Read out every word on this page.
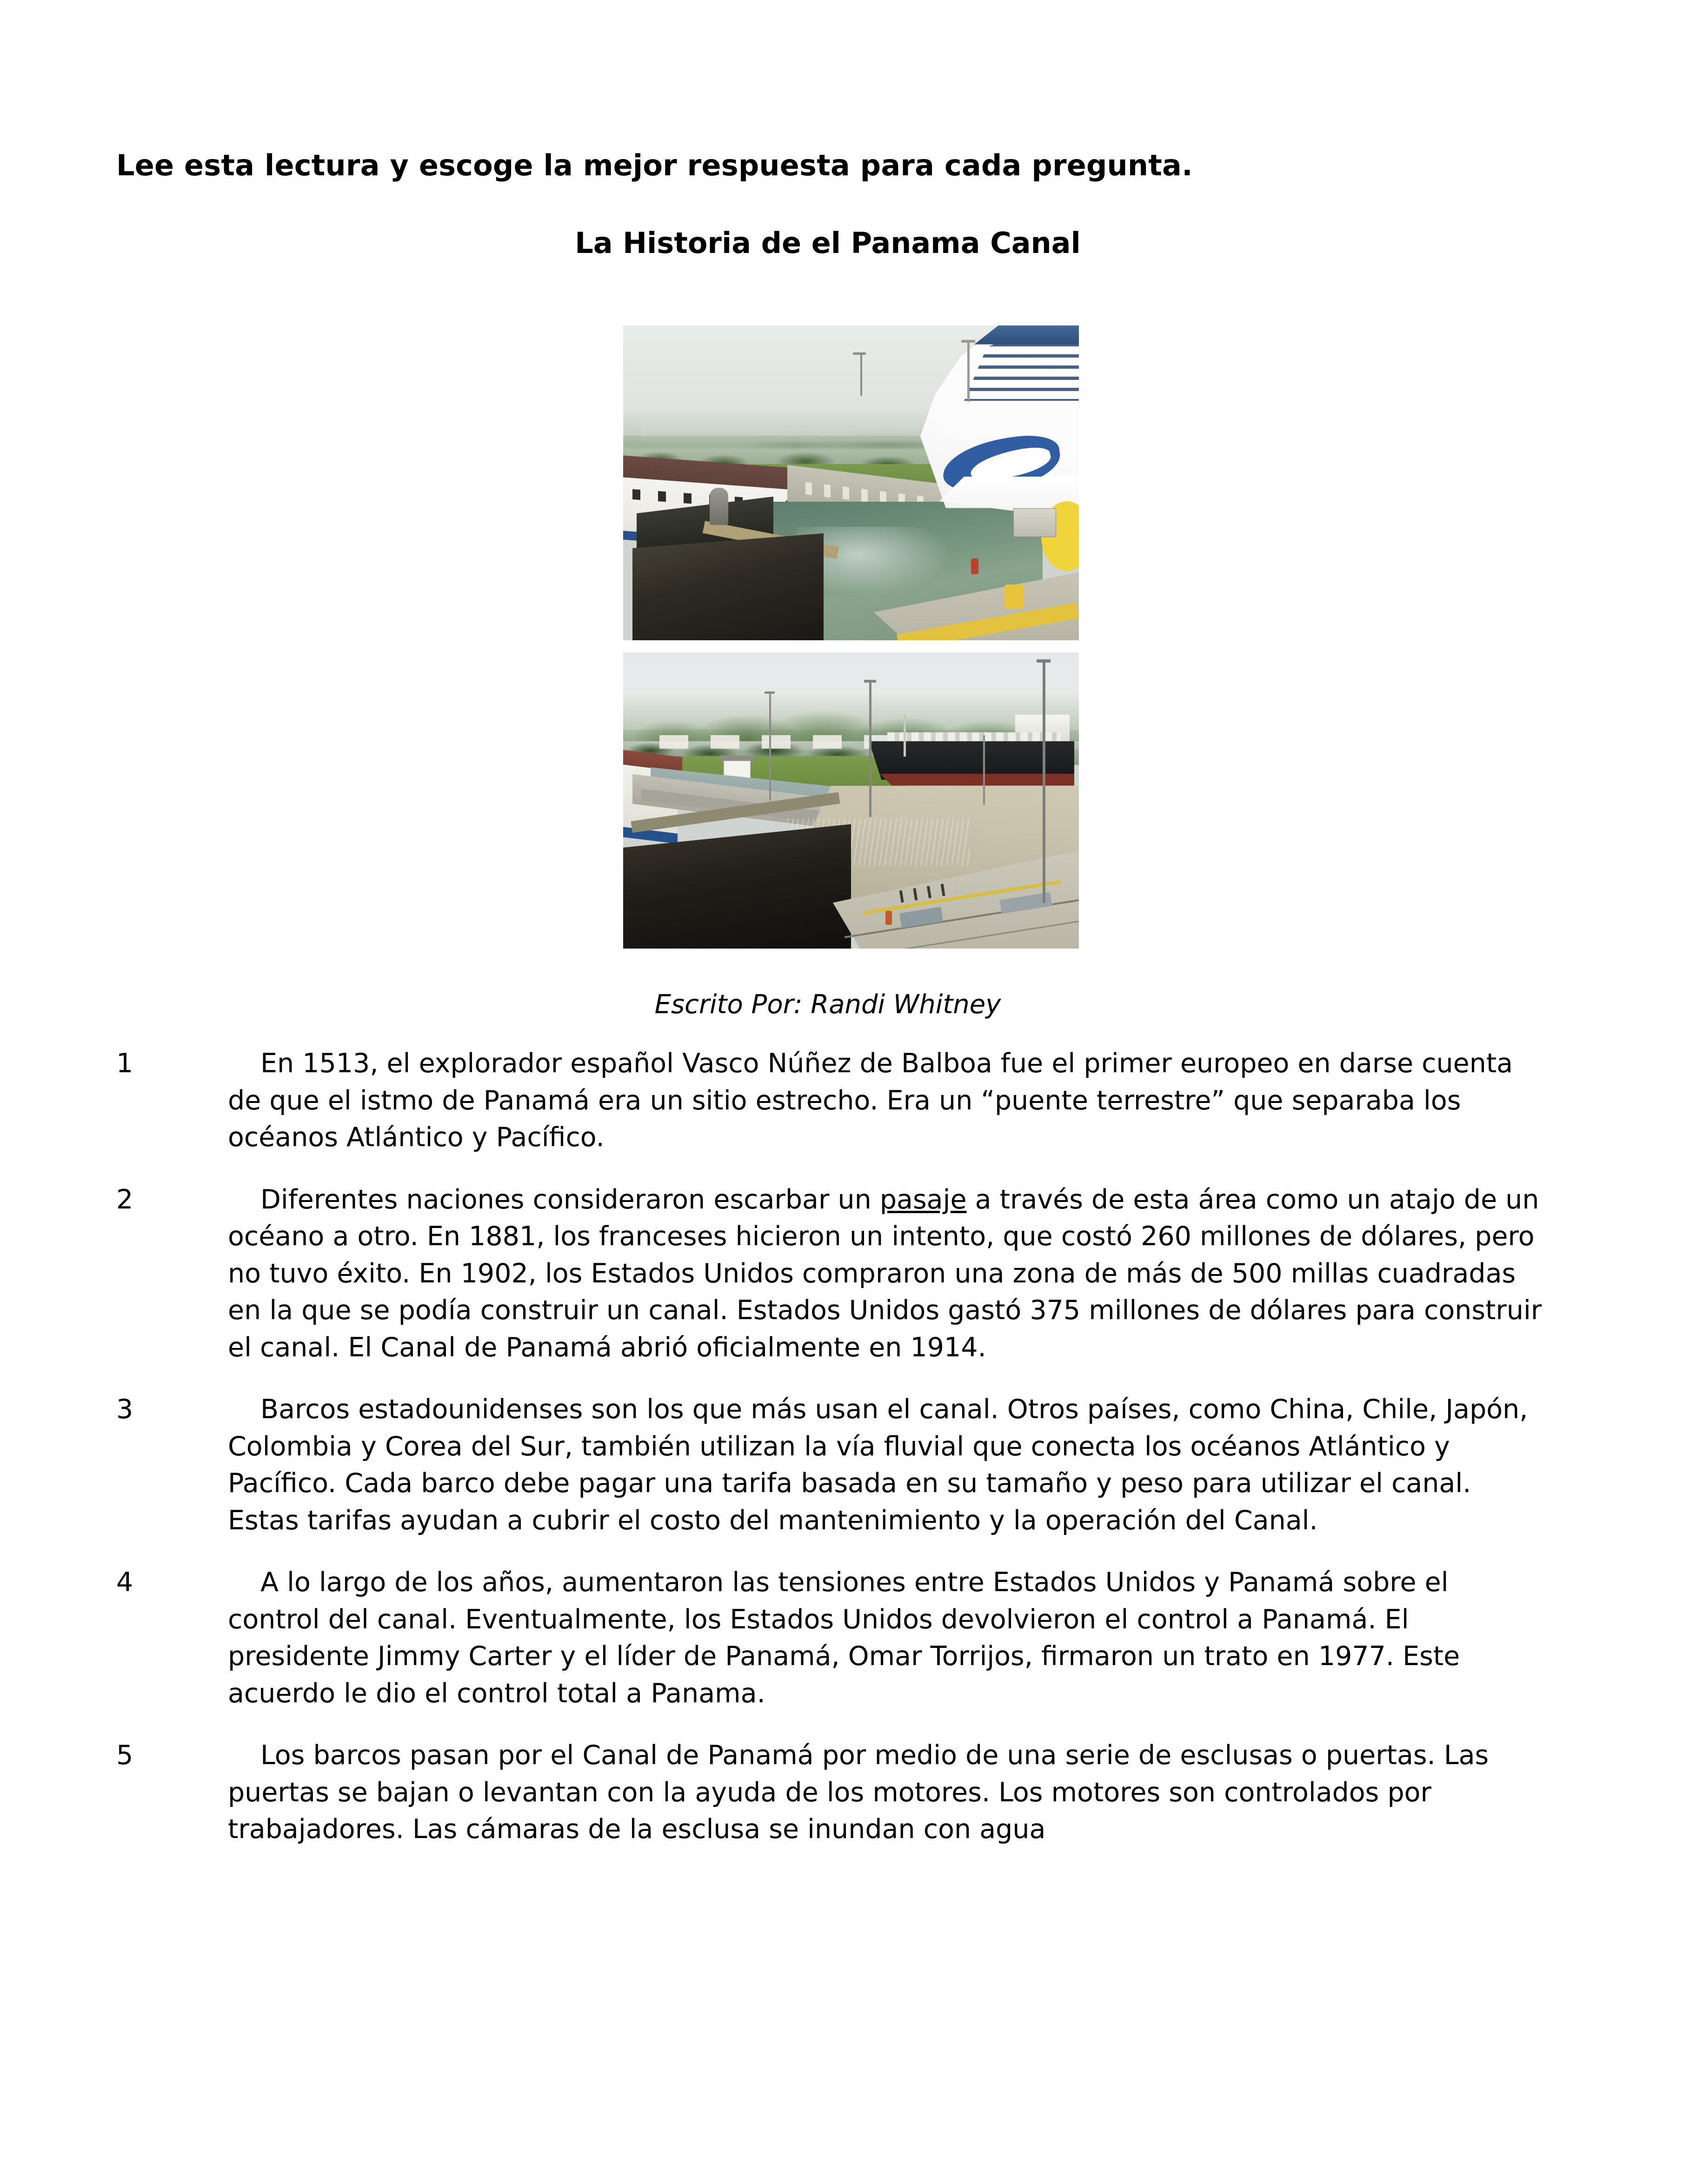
Lee esta lectura y escoge la mejor respuesta para cada pregunta.
La Historia de el Panama Canal
Escrito Por: Randi Whitney
1	En 1513, el explorador español Vasco Núñez de Balboa fue el primer europeo en darse cuenta de que el istmo de Panamá era un sitio estrecho. Era un “puente terrestre” que separaba los océanos Atlántico y Pacífico.
2	Diferentes naciones consideraron escarbar un pasaje a través de esta área como un atajo de un océano a otro. En 1881, los franceses hicieron un intento, que costó 260 millones de dólares, pero no tuvo éxito. En 1902, los Estados Unidos compraron una zona de más de 500 millas cuadradas en la que se podía construir un canal. Estados Unidos gastó 375 millones de dólares para construir el canal. El Canal de Panamá abrió oficialmente en 1914.
3	Barcos estadounidenses son los que más usan el canal. Otros países, como China, Chile, Japón, Colombia y Corea del Sur, también utilizan la vía fluvial que conecta los océanos Atlántico y Pacífico. Cada barco debe pagar una tarifa basada en su tamaño y peso para utilizar el canal. Estas tarifas ayudan a cubrir el costo del mantenimiento y la operación del Canal.
4	A lo largo de los años, aumentaron las tensiones entre Estados Unidos y Panamá sobre el control del canal. Eventualmente, los Estados Unidos devolvieron el control a Panamá. El presidente Jimmy Carter y el líder de Panamá, Omar Torrijos, firmaron un trato en 1977. Este acuerdo le dio el control total a Panama.
5	Los barcos pasan por el Canal de Panamá por medio de una serie de esclusas o puertas. Las puertas se bajan o levantan con la ayuda de los motores. Los motores son controlados por trabajadores. Las cámaras de la esclusa se inundan con agua
